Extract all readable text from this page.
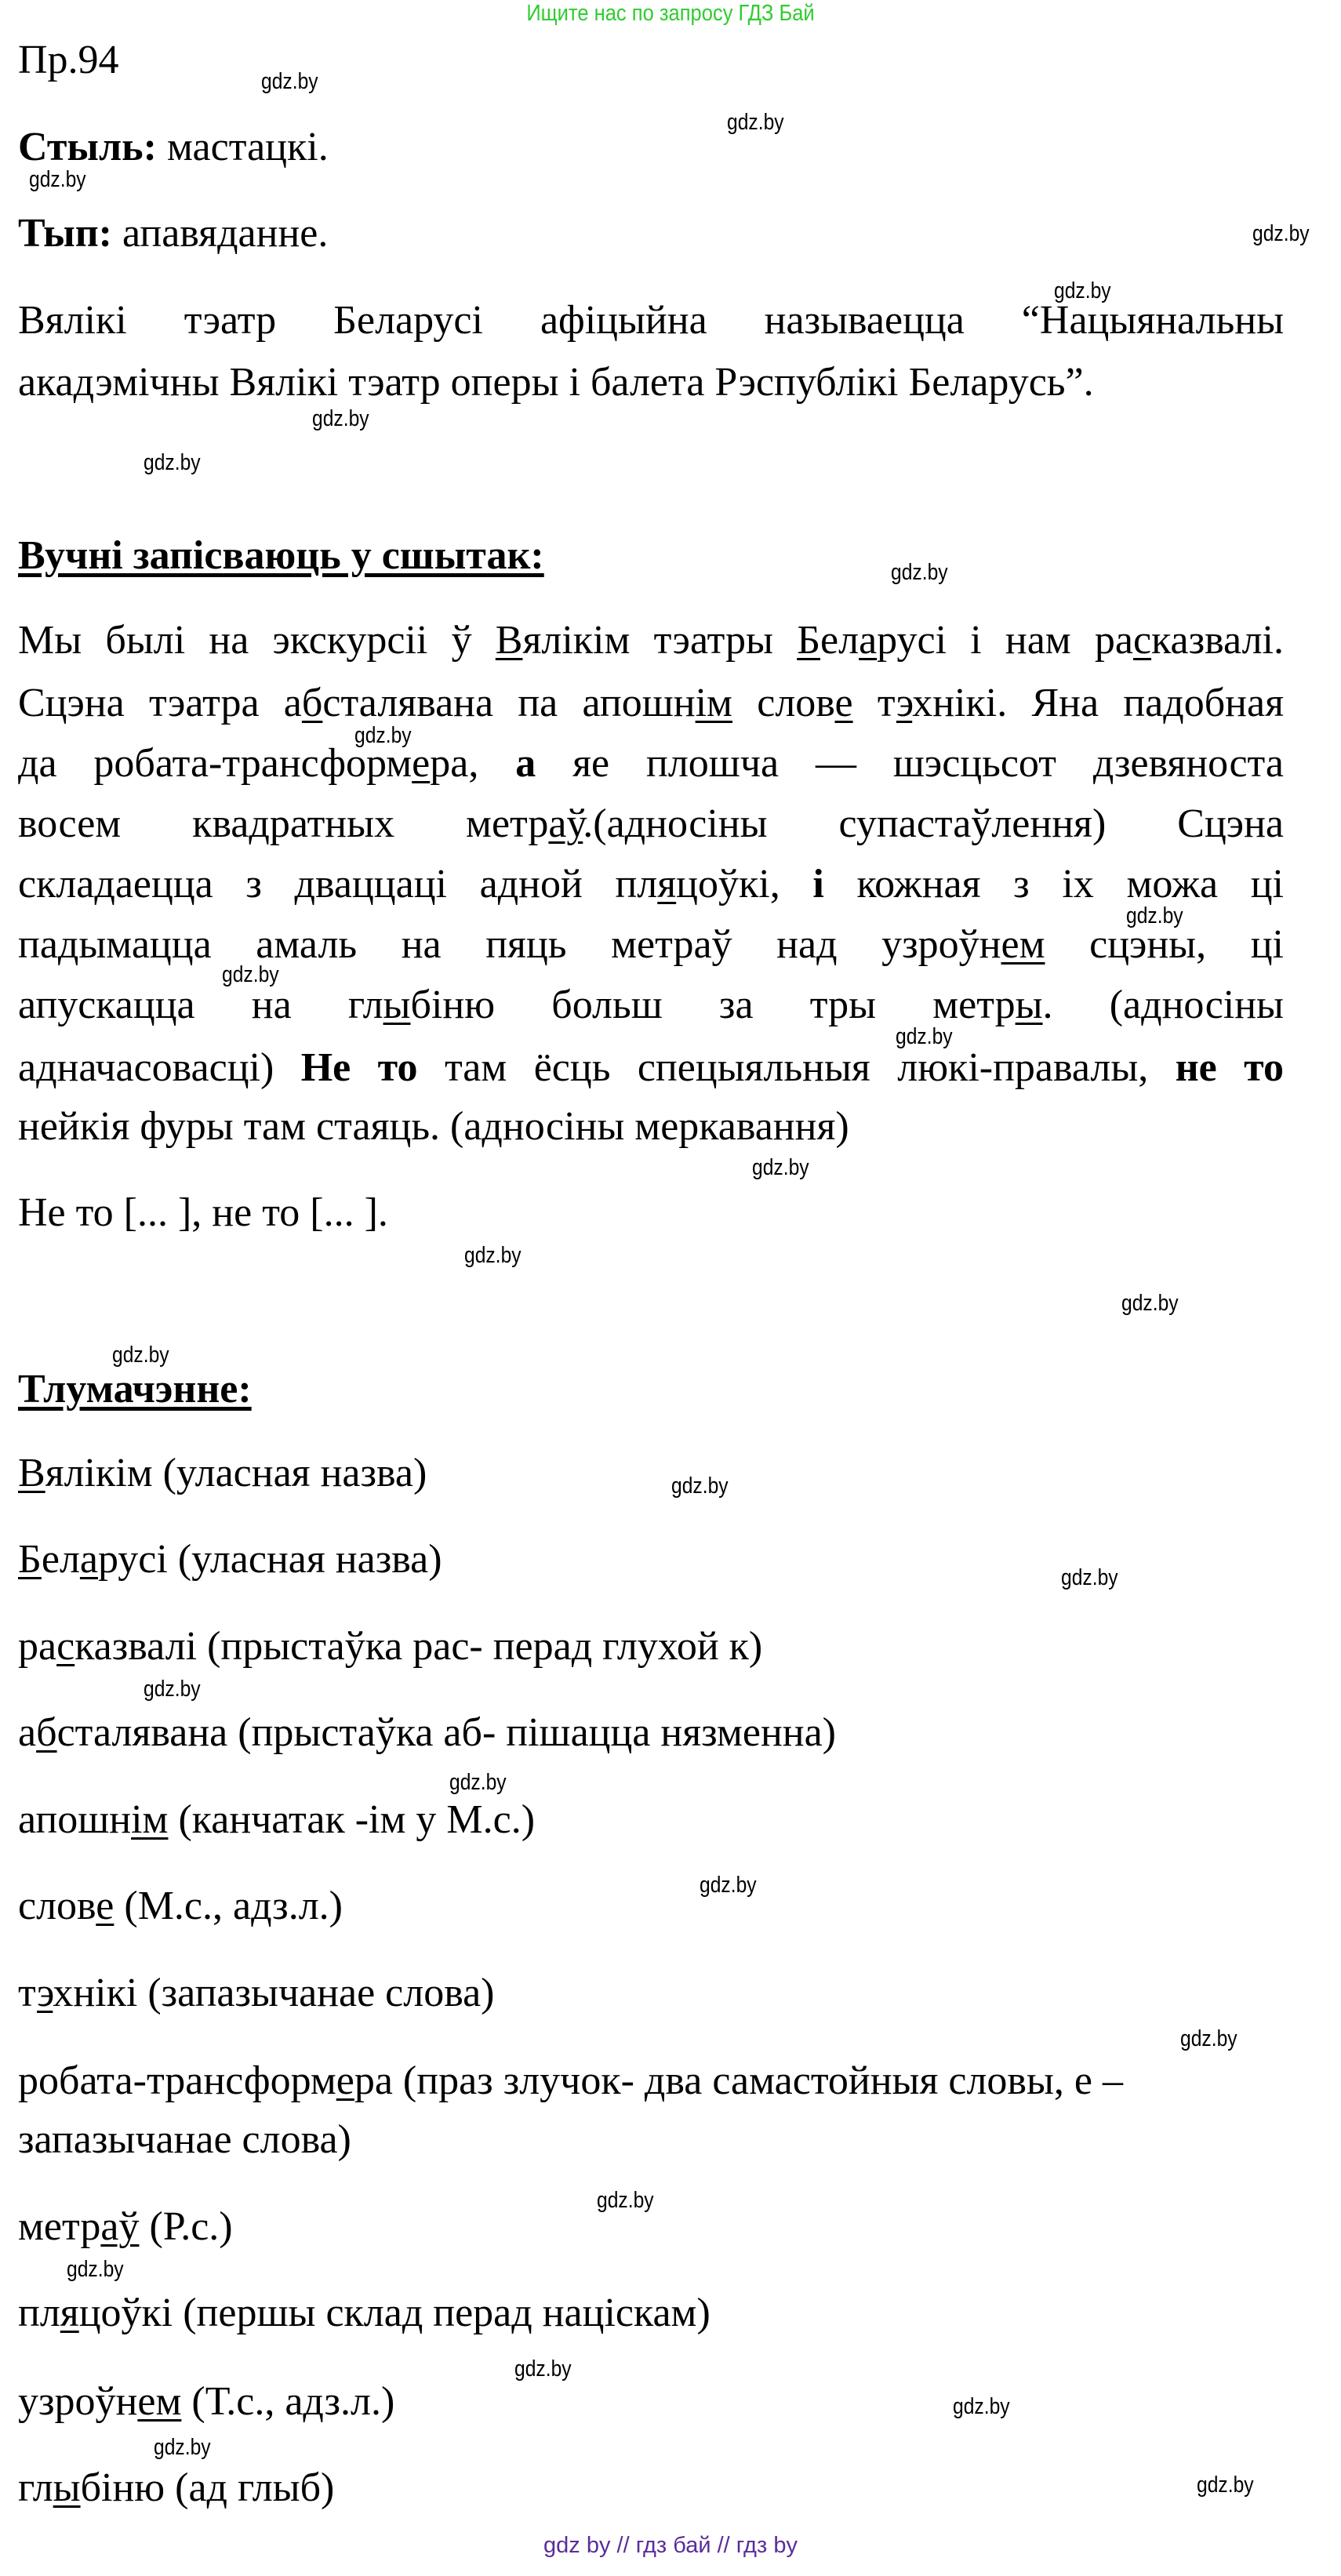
Ищите нас по запросу ГДЗ Бай
Пр.94
Стыль: мастацкі.
Тып: апавяданне.
Вялікі тэатр Беларусі афіцыйна называецца “Нацыянальны
акадэмічны Вялікі тэатр оперы і балета Рэспублікі Беларусь”.
Вучні запісваюць у сшытак:
Мы былі на экскурсіі ў Вялікім тэатры Беларусі і нам расказвалі.
Сцэна тэатра абсталявана па апошнім слове тэхнікі. Яна падобная
да робата-трансформера, а яе плошча — шэсцьсот дзевяноста
восем квадратных метраў.(адносіны супастаўлення) Сцэна
складаецца з дваццаці адной пляцоўкі, і кожная з іх можа ці
падымацца амаль на пяць метраў над узроўнем сцэны, ці
апускацца на глыбіню больш за тры метры. (адносіны
адначасовасці) Не то там ёсць спецыяльныя люкі-правалы, не то
нейкія фуры там стаяць. (адносіны меркавання)
Не то [... ], не то [... ].
Тлумачэнне:
Вялікім (уласная назва)
Беларусі (уласная назва)
расказвалі (прыстаўка рас- перад глухой к)
абсталявана (прыстаўка аб- пішацца нязменна)
апошнім (канчатак -ім у М.с.)
слове (М.с., адз.л.)
тэхнікі (запазычанае слова)
робата-трансформера (праз злучок- два самастойныя словы, е –
запазычанае слова)
метраў (Р.с.)
пляцоўкі (першы склад перад націскам)
узроўнем (Т.с., адз.л.)
глыбіню (ад глыб)
gdz.by
gdz.by
gdz.by
gdz.by
gdz.by
gdz.by
gdz.by
gdz.by
gdz.by
gdz.by
gdz.by
gdz.by
gdz.by
gdz.by
gdz.by
gdz.by
gdz.by
gdz.by
gdz.by
gdz.by
gdz.by
gdz.by
gdz.by
gdz.by
gdz.by
gdz.by
gdz.by
gdz.by
gdz by // гдз бай // гдз by
